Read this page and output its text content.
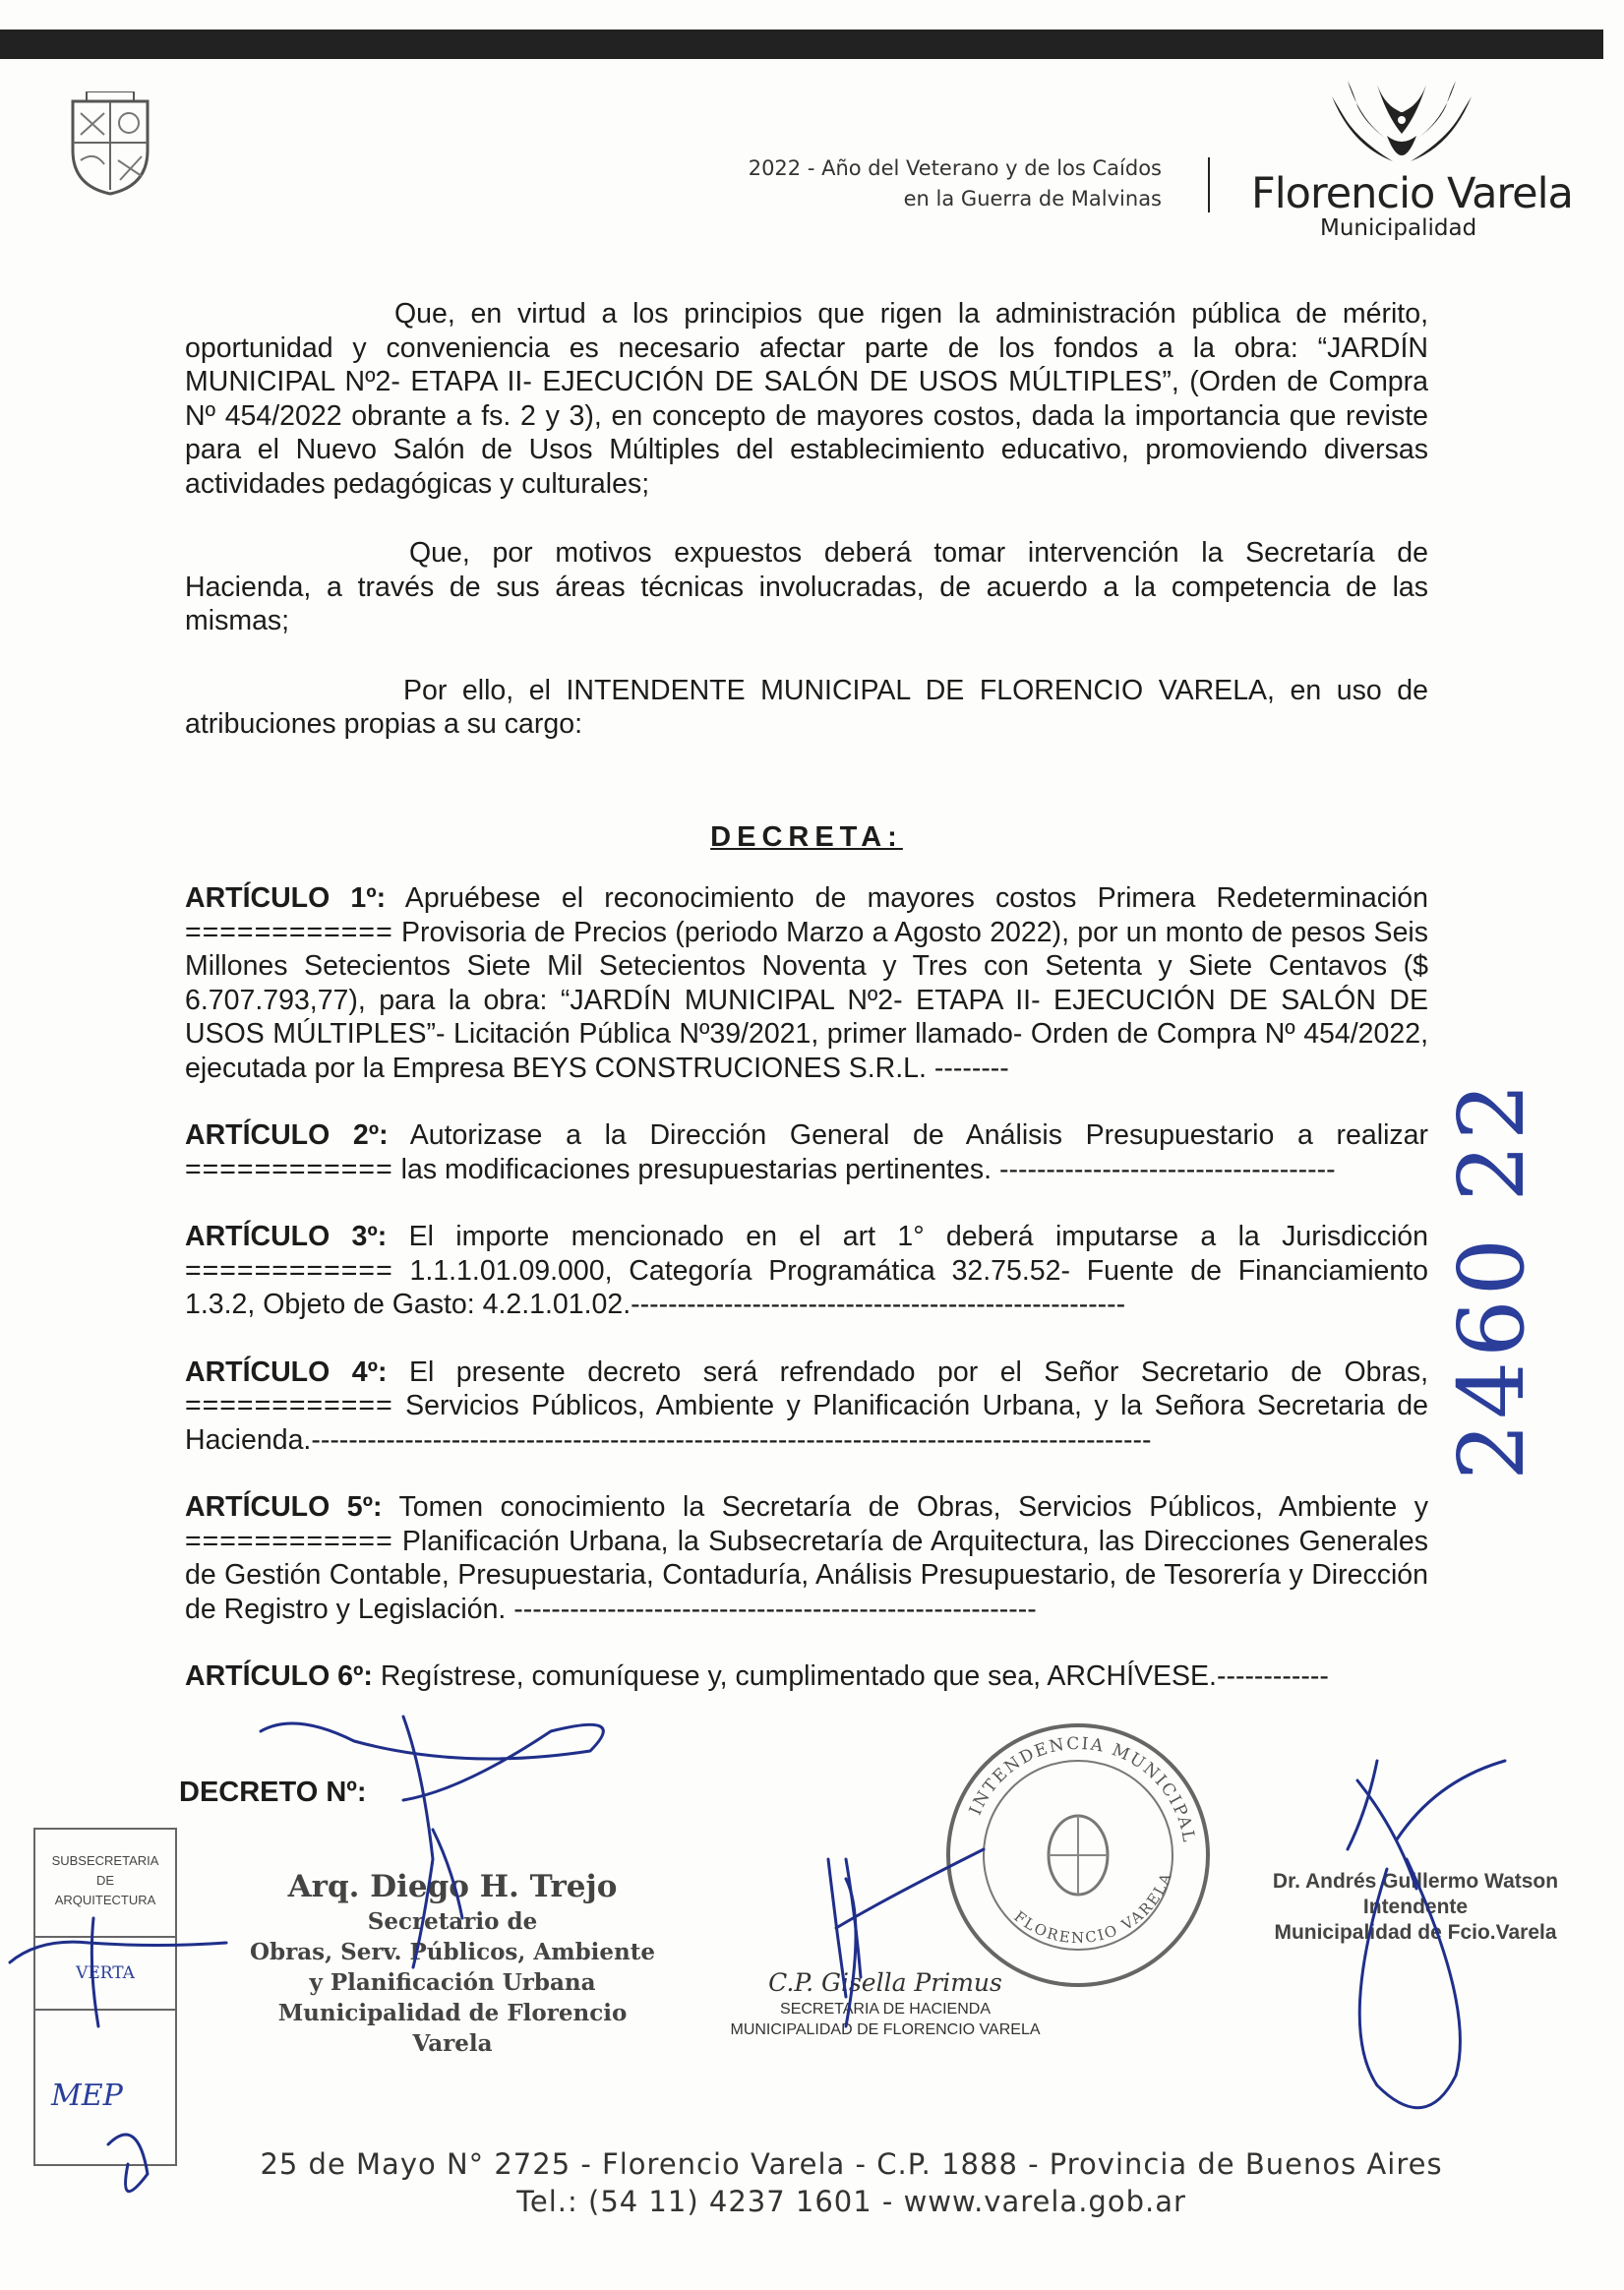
2022 - Año del Veterano y de los Caídos
en la Guerra de Malvinas Florencio Varela
Municipalidad

Que, en virtud a los principios que rigen la administración pública de mérito, oportunidad y conveniencia es necesario afectar parte de los fondos a la obra: “JARDÍN MUNICIPAL Nº2- ETAPA II- EJECUCIÓN DE SALÓN DE USOS MÚLTIPLES”, (Orden de Compra Nº 454/2022 obrante a fs. 2 y 3), en concepto de mayores costos, dada la importancia que reviste para el Nuevo Salón de Usos Múltiples del establecimiento educativo, promoviendo diversas actividades pedagógicas y culturales;

Que, por motivos expuestos deberá tomar intervención la Secretaría de Hacienda, a través de sus áreas técnicas involucradas, de acuerdo a la competencia de las mismas;

Por ello, el INTENDENTE MUNICIPAL DE FLORENCIO VARELA, en uso de atribuciones propias a su cargo:

DECRETA:

ARTÍCULO 1º: Apruébese el reconocimiento de mayores costos Primera Redeterminación ============ Provisoria de Precios (periodo Marzo a Agosto 2022), por un monto de pesos Seis Millones Setecientos Siete Mil Setecientos Noventa y Tres con Setenta y Siete Centavos ($ 6.707.793,77), para la obra: “JARDÍN MUNICIPAL Nº2- ETAPA II- EJECUCIÓN DE SALÓN DE USOS MÚLTIPLES”- Licitación Pública Nº39/2021, primer llamado- Orden de Compra Nº 454/2022, ejecutada por la Empresa BEYS CONSTRUCIONES S.R.L. --------

ARTÍCULO 2º: Autorizase a la Dirección General de Análisis Presupuestario a realizar ============ las modificaciones presupuestarias pertinentes. ------------------------------------

ARTÍCULO 3º: El importe mencionado en el art 1° deberá imputarse a la Jurisdicción ============ 1.1.1.01.09.000, Categoría Programática 32.75.52- Fuente de Financiamiento 1.3.2, Objeto de Gasto: 4.2.1.01.02.-----------------------------------------------------

ARTÍCULO 4º: El presente decreto será refrendado por el Señor Secretario de Obras, ============ Servicios Públicos, Ambiente y Planificación Urbana, y la Señora Secretaria de Hacienda.------------------------------------------------------------------------------------------

ARTÍCULO 5º: Tomen conocimiento la Secretaría de Obras, Servicios Públicos, Ambiente y ============ Planificación Urbana, la Subsecretaría de Arquitectura, las Direcciones Generales de Gestión Contable, Presupuestaria, Contaduría, Análisis Presupuestario, de Tesorería y Dirección de Registro y Legislación. --------------------------------------------------------

ARTÍCULO 6º: Regístrese, comuníquese y, cumplimentado que sea, ARCHÍVESE.------------

2460 22
DECRETO Nº:
SUBSECRETARIA
DE
ARQUITECTURA
VERTA
INTENDENCIA MUNICIPAL
FLORENCIO VARELA
Arq. Diego H. Trejo
Secretario de
Obras, Serv. Públicos, Ambiente
y Planificación Urbana
Municipalidad de Florencio Varela
C.P. Gisella Primus
SECRETARIA DE HACIENDA
MUNICIPALIDAD DE FLORENCIO VARELA
Dr. Andrés Guillermo Watson
Intendente
Municipalidad de Fcio.Varela
MEP
25 de Mayo N° 2725 - Florencio Varela - C.P. 1888 - Provincia de Buenos Aires
Tel.: (54 11) 4237 1601 - www.varela.gob.ar
